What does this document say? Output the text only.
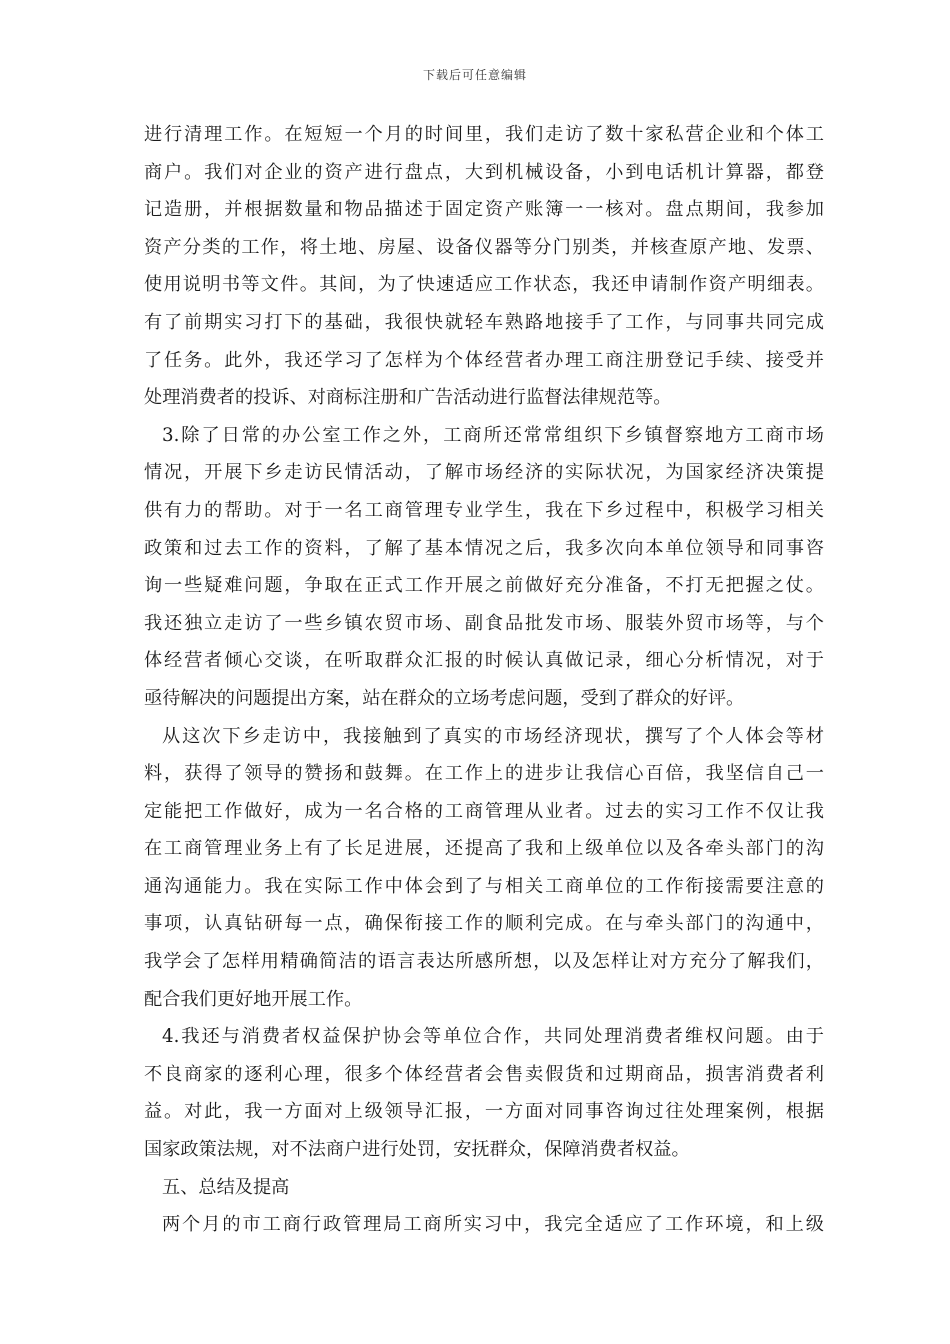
下载后可任意编辑
进行清理工作。在短短一个月的时间里，我们走访了数十家私营企业和个体工
商户。我们对企业的资产进行盘点，大到机械设备，小到电话机计算器，都登
记造册，并根据数量和物品描述于固定资产账簿一一核对。盘点期间，我参加
资产分类的工作，将土地、房屋、设备仪器等分门别类，并核查原产地、发票、
使用说明书等文件。其间，为了快速适应工作状态，我还申请制作资产明细表。
有了前期实习打下的基础，我很快就轻车熟路地接手了工作，与同事共同完成
了任务。此外，我还学习了怎样为个体经营者办理工商注册登记手续、接受并
处理消费者的投诉、对商标注册和广告活动进行监督法律规范等。
3.除了日常的办公室工作之外，工商所还常常组织下乡镇督察地方工商市场
情况，开展下乡走访民情活动，了解市场经济的实际状况，为国家经济决策提
供有力的帮助。对于一名工商管理专业学生，我在下乡过程中，积极学习相关
政策和过去工作的资料，了解了基本情况之后，我多次向本单位领导和同事咨
询一些疑难问题，争取在正式工作开展之前做好充分准备，不打无把握之仗。
我还独立走访了一些乡镇农贸市场、副食品批发市场、服装外贸市场等，与个
体经营者倾心交谈，在听取群众汇报的时候认真做记录，细心分析情况，对于
亟待解决的问题提出方案，站在群众的立场考虑问题，受到了群众的好评。
从这次下乡走访中，我接触到了真实的市场经济现状，撰写了个人体会等材
料，获得了领导的赞扬和鼓舞。在工作上的进步让我信心百倍，我坚信自己一
定能把工作做好，成为一名合格的工商管理从业者。过去的实习工作不仅让我
在工商管理业务上有了长足进展，还提高了我和上级单位以及各牵头部门的沟
通沟通能力。我在实际工作中体会到了与相关工商单位的工作衔接需要注意的
事项，认真钻研每一点，确保衔接工作的顺利完成。在与牵头部门的沟通中，
我学会了怎样用精确简洁的语言表达所感所想，以及怎样让对方充分了解我们，
配合我们更好地开展工作。
4.我还与消费者权益保护协会等单位合作，共同处理消费者维权问题。由于
不良商家的逐利心理，很多个体经营者会售卖假货和过期商品，损害消费者利
益。对此，我一方面对上级领导汇报，一方面对同事咨询过往处理案例，根据
国家政策法规，对不法商户进行处罚，安抚群众，保障消费者权益。
五、总结及提高
两个月的市工商行政管理局工商所实习中，我完全适应了工作环境，和上级
